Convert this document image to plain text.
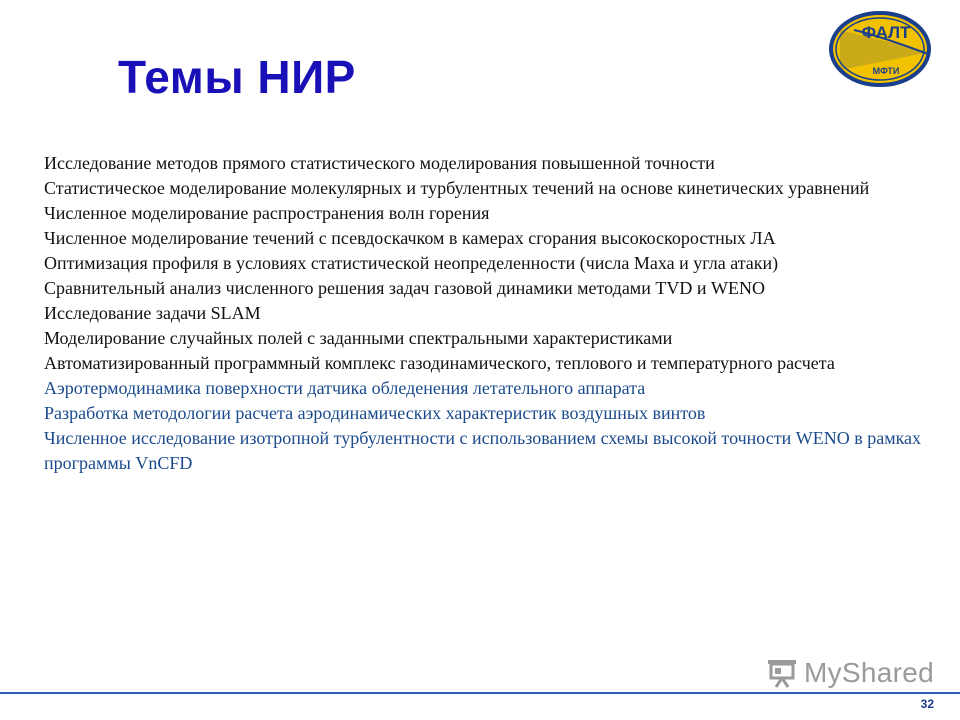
Темы НИР
ФАЛТ
МФТИ
Исследование методов прямого статистического моделирования повышенной точности
Статистическое моделирование молекулярных и турбулентных течений на основе кинетических уравнений
Численное моделирование распространения волн горения
Численное моделирование течений с псевдоскачком в камерах сгорания высокоскоростных ЛА
Оптимизация профиля в условиях статистической неопределенности (числа Маха и угла атаки)
Сравнительный анализ численного решения задач газовой динамики методами TVD и WENO
Исследование задачи SLAM
Моделирование случайных полей с заданными спектральными характеристиками
Автоматизированный программный комплекс газодинамического, теплового и температурного расчета
Аэротермодинамика поверхности датчика обледенения летательного аппарата
Разработка методологии расчета аэродинамических характеристик воздушных винтов
Численное исследование изотропной турбулентности с использованием схемы высокой точности WENO в рамках программы VnCFD
MyShared
32
